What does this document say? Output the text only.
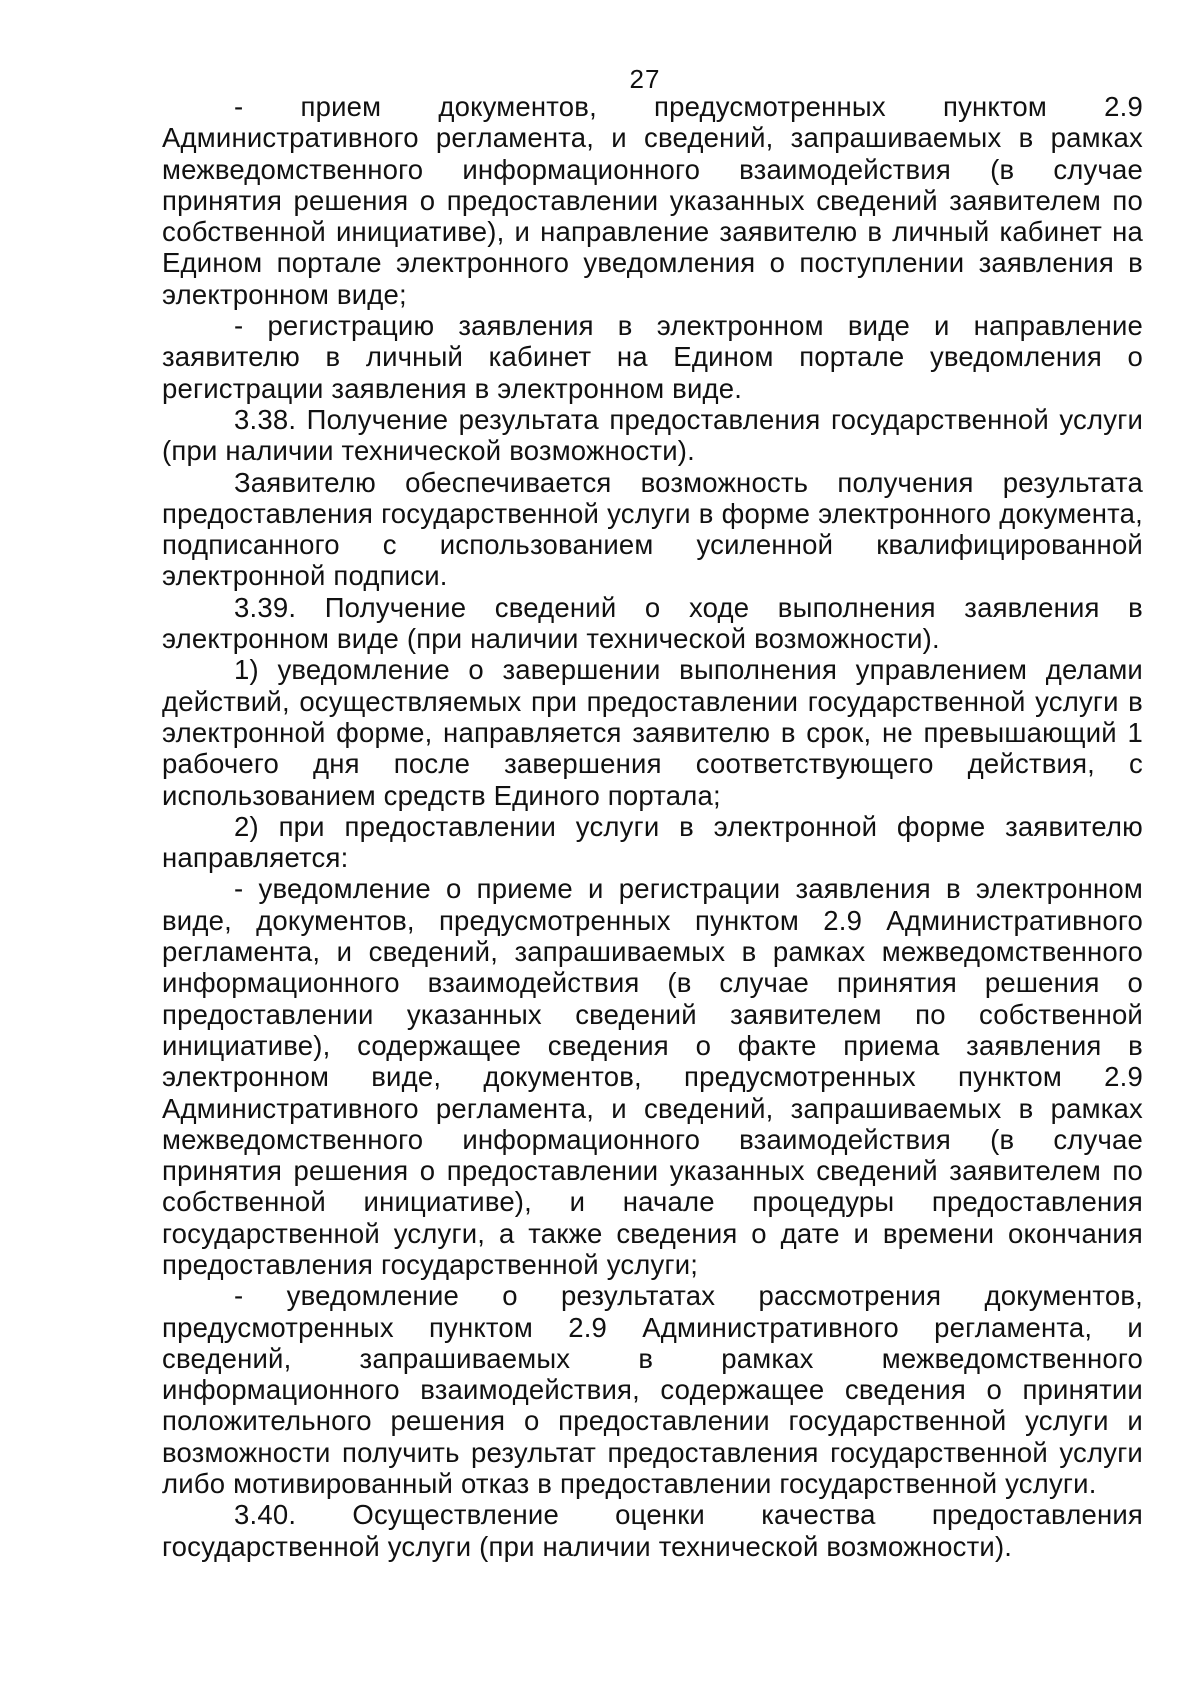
27

- прием документов, предусмотренных пунктом 2.9 Административного регламента, и сведений, запрашиваемых в рамках межведомственного информационного взаимодействия (в случае принятия решения о предоставлении указанных сведений заявителем по собственной инициативе), и направление заявителю в личный кабинет на Едином портале электронного уведомления о поступлении заявления в электронном виде;

- регистрацию заявления в электронном виде и направление заявителю в личный кабинет на Едином портале уведомления о регистрации заявления в электронном виде.

3.38. Получение результата предоставления государственной услуги (при наличии технической возможности).

Заявителю обеспечивается возможность получения результата предоставления государственной услуги в форме электронного документа, подписанного с использованием усиленной квалифицированной электронной подписи.

3.39. Получение сведений о ходе выполнения заявления в электронном виде (при наличии технической возможности).

1) уведомление о завершении выполнения управлением делами действий, осуществляемых при предоставлении государственной услуги в электронной форме, направляется заявителю в срок, не превышающий 1 рабочего дня после завершения соответствующего действия, с использованием средств Единого портала;

2) при предоставлении услуги в электронной форме заявителю направляется:

- уведомление о приеме и регистрации заявления в электронном виде, документов, предусмотренных пунктом 2.9 Административного регламента, и сведений, запрашиваемых в рамках межведомственного информационного взаимодействия (в случае принятия решения о предоставлении указанных сведений заявителем по собственной инициативе), содержащее сведения о факте приема заявления в электронном виде, документов, предусмотренных пунктом 2.9 Административного регламента, и сведений, запрашиваемых в рамках межведомственного информационного взаимодействия (в случае принятия решения о предоставлении указанных сведений заявителем по собственной инициативе), и начале процедуры предоставления государственной услуги, а также сведения о дате и времени окончания предоставления государственной услуги;

- уведомление о результатах рассмотрения документов, предусмотренных пунктом 2.9 Административного регламента, и сведений, запрашиваемых в рамках межведомственного информационного взаимодействия, содержащее сведения о принятии положительного решения о предоставлении государственной услуги и возможности получить результат предоставления государственной услуги либо мотивированный отказ в предоставлении государственной услуги.

3.40. Осуществление оценки качества предоставления государственной услуги (при наличии технической возможности).
